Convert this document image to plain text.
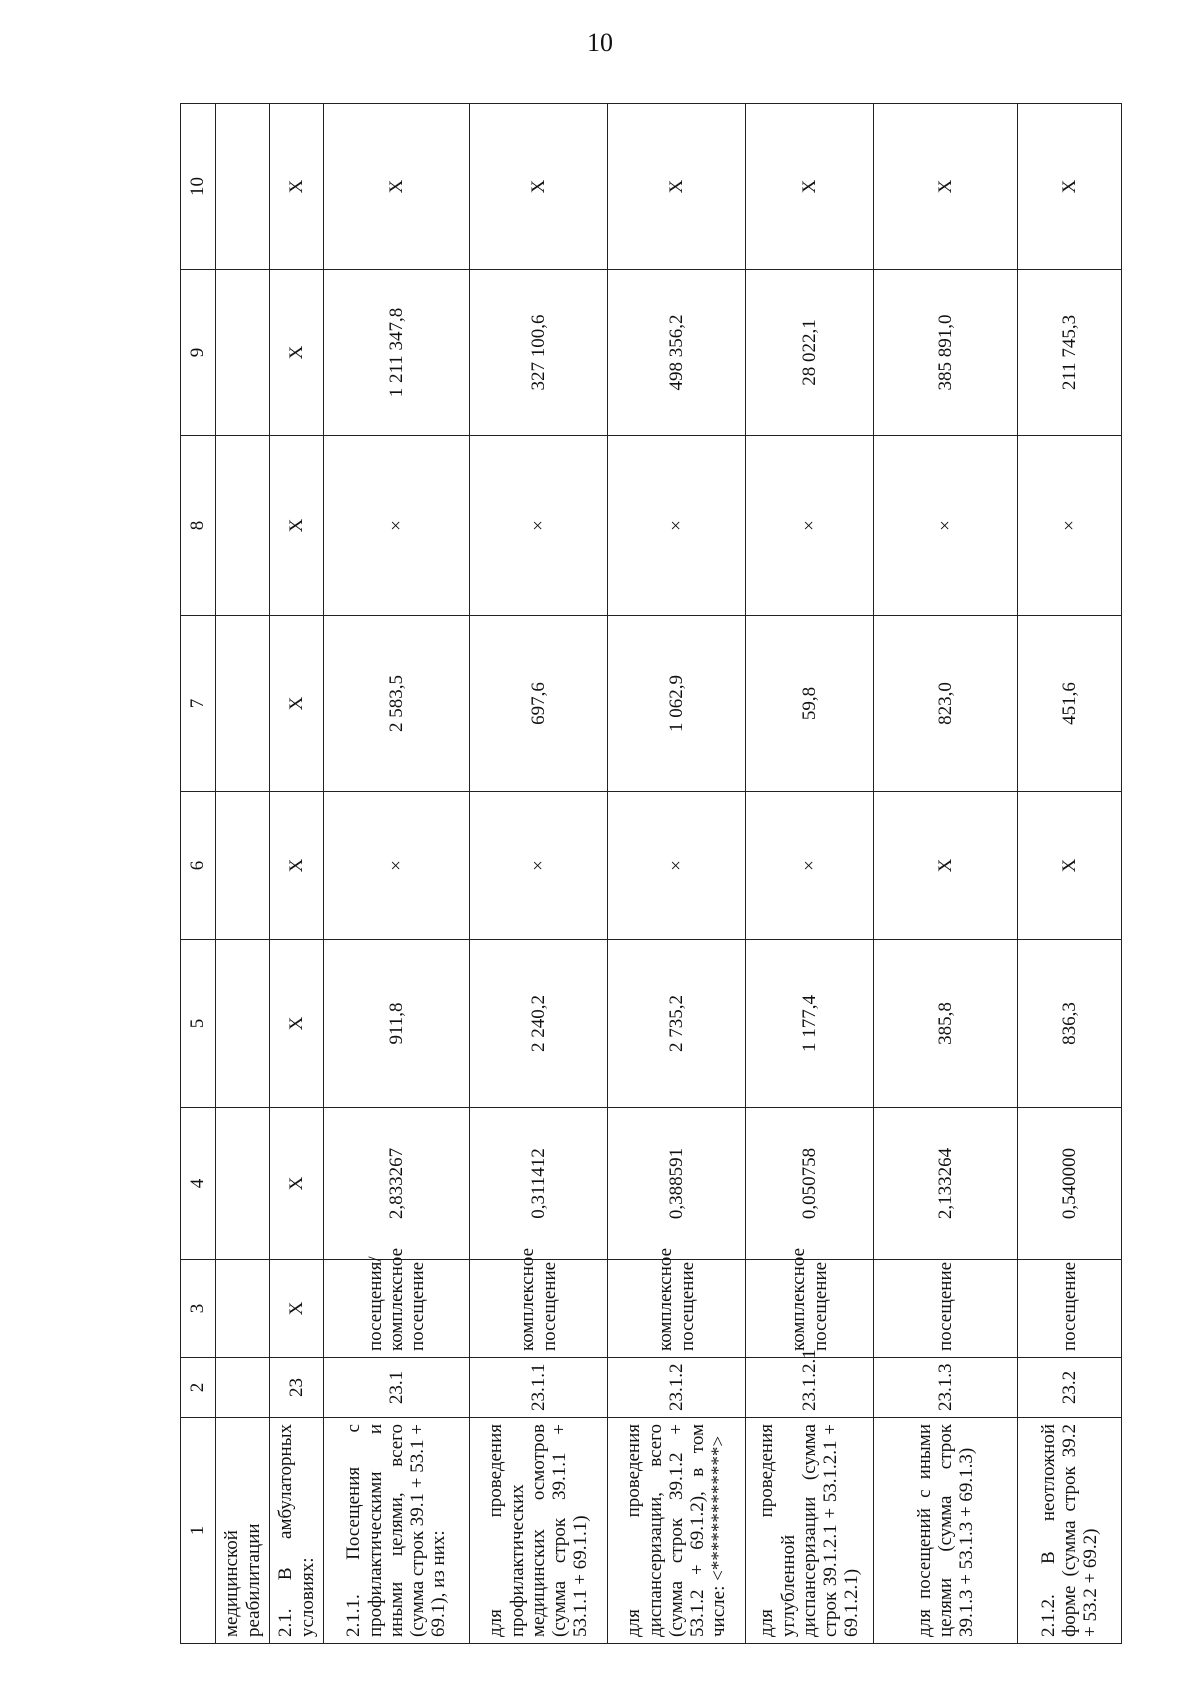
10
1	2	3	4	5	6	7	8	9	10
медицинской реабилитации									
2.1. В амбулаторных условиях:	23	X	X	X	X	X	X	X	X
2.1.1. Посещения с профилактическими и иными целями, всего (сумма строк 39.1 + 53.1 + 69.1), из них:	23.1	посещения/ комплексное посещение	2,833267	911,8	×	2 583,5	×	1 211 347,8	X
для проведения профилактических медицинских осмотров (сумма строк 39.1.1 + 53.1.1 + 69.1.1)	23.1.1	комплексное посещение	0,311412	2 240,2	×	697,6	×	327 100,6	X
для проведения диспансеризации, всего (сумма строк 39.1.2 + 53.1.2 + 69.1.2), в том числе: <*************>	23.1.2	комплексное посещение	0,388591	2 735,2	×	1 062,9	×	498 356,2	X
для проведения углубленной диспансеризации (сумма строк 39.1.2.1 + 53.1.2.1 + 69.1.2.1)	23.1.2.1	комплексное посещение	0,050758	1 177,4	×	59,8	×	28 022,1	X
для посещений с иными целями (сумма строк 39.1.3 + 53.1.3 + 69.1.3)	23.1.3	посещение	2,133264	385,8	X	823,0	×	385 891,0	X
2.1.2. В неотложной форме (сумма строк 39.2 + 53.2 + 69.2)	23.2	посещение	0,540000	836,3	X	451,6	×	211 745,3	X
